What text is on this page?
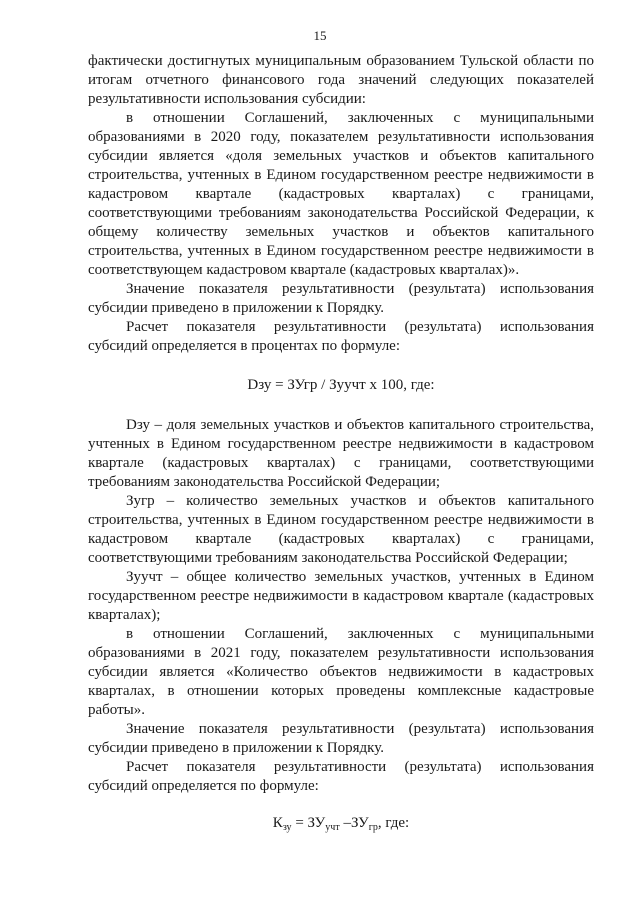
15

фактически достигнутых муниципальным образованием Тульской области по итогам отчетного финансового года значений следующих показателей результативности использования субсидии:

в отношении Соглашений, заключенных с муниципальными образованиями в 2020 году, показателем результативности использования субсидии является «доля земельных участков и объектов капитального строительства, учтенных в Едином государственном реестре недвижимости в кадастровом квартале (кадастровых кварталах) с границами, соответствующими требованиям законодательства Российской Федерации, к общему количеству земельных участков и объектов капитального строительства, учтенных в Едином государственном реестре недвижимости в соответствующем кадастровом квартале (кадастровых кварталах)».

Значение показателя результативности (результата) использования субсидии приведено в приложении к Порядку.

Расчет показателя результативности (результата) использования субсидий определяется в процентах по формуле:

Dзу = ЗУгр / Зуучт х 100, где:

Dзу – доля земельных участков и объектов капитального строительства, учтенных в Едином государственном реестре недвижимости в кадастровом квартале (кадастровых кварталах) с границами, соответствующими требованиям законодательства Российской Федерации;

Зугр – количество земельных участков и объектов капитального строительства, учтенных в Едином государственном реестре недвижимости в кадастровом квартале (кадастровых кварталах) с границами, соответствующими требованиям законодательства Российской Федерации;

Зуучт – общее количество земельных участков, учтенных в Едином государственном реестре недвижимости в кадастровом квартале (кадастровых кварталах);

в отношении Соглашений, заключенных с муниципальными образованиями в 2021 году, показателем результативности использования субсидии является «Количество объектов недвижимости в кадастровых кварталах, в отношении которых проведены комплексные кадастровые работы».

Значение показателя результативности (результата) использования субсидии приведено в приложении к Порядку.

Расчет показателя результативности (результата) использования субсидий определяется по формуле:

$К_{зу} = ЗУ_{учт}$ $-ЗУ_{гр}$, где:
